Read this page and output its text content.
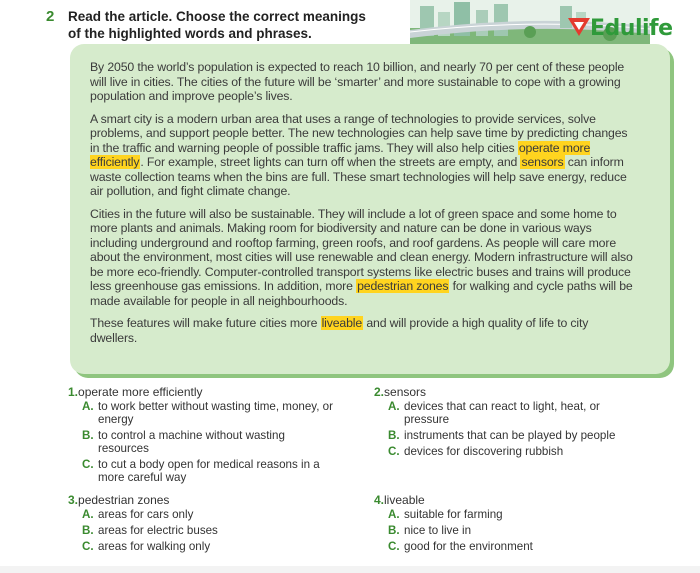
2 Read the article. Choose the correct meanings
of the highlighted words and phrases.	Edulife

By 2050 the world’s population is expected to reach 10 billion, and nearly 70 per cent of these people will live in cities. The cities of the future will be ‘smarter’ and more sustainable to cope with a growing population and improve people’s lives.

A smart city is a modern urban area that uses a range of technologies to provide services, solve problems, and support people better. The new technologies can help save time by predicting changes in the traffic and warning people of possible traffic jams. They will also help cities operate more efficiently. For example, street lights can turn off when the streets are empty, and sensors can inform waste collection teams when the bins are full. These smart technologies will help save energy, reduce air pollution, and fight climate change.

Cities in the future will also be sustainable. They will include a lot of green space and some home to more plants and animals. Making room for biodiversity and nature can be done in various ways including underground and rooftop farming, green roofs, and roof gardens. As people will care more about the environment, most cities will use renewable and clean energy. Modern infrastructure will also be more eco-friendly. Computer-controlled transport systems like electric buses and trains will produce less greenhouse gas emissions. In addition, more pedestrian zones for walking and cycle paths will be made available for people in all neighbourhoods.

These features will make future cities more liveable and will provide a high quality of life to city dwellers.

1.operate more efficiently
A. to work better without wasting time, money, or energy
B. to control a machine without wasting resources
C. to cut a body open for medical reasons in a more careful way
2.sensors
A. devices that can react to light, heat, or pressure
B. instruments that can be played by people
C. devices for discovering rubbish
3.pedestrian zones
A. areas for cars only
B. areas for electric buses
C. areas for walking only
4.liveable
A. suitable for farming
B. nice to live in
C. good for the environment
